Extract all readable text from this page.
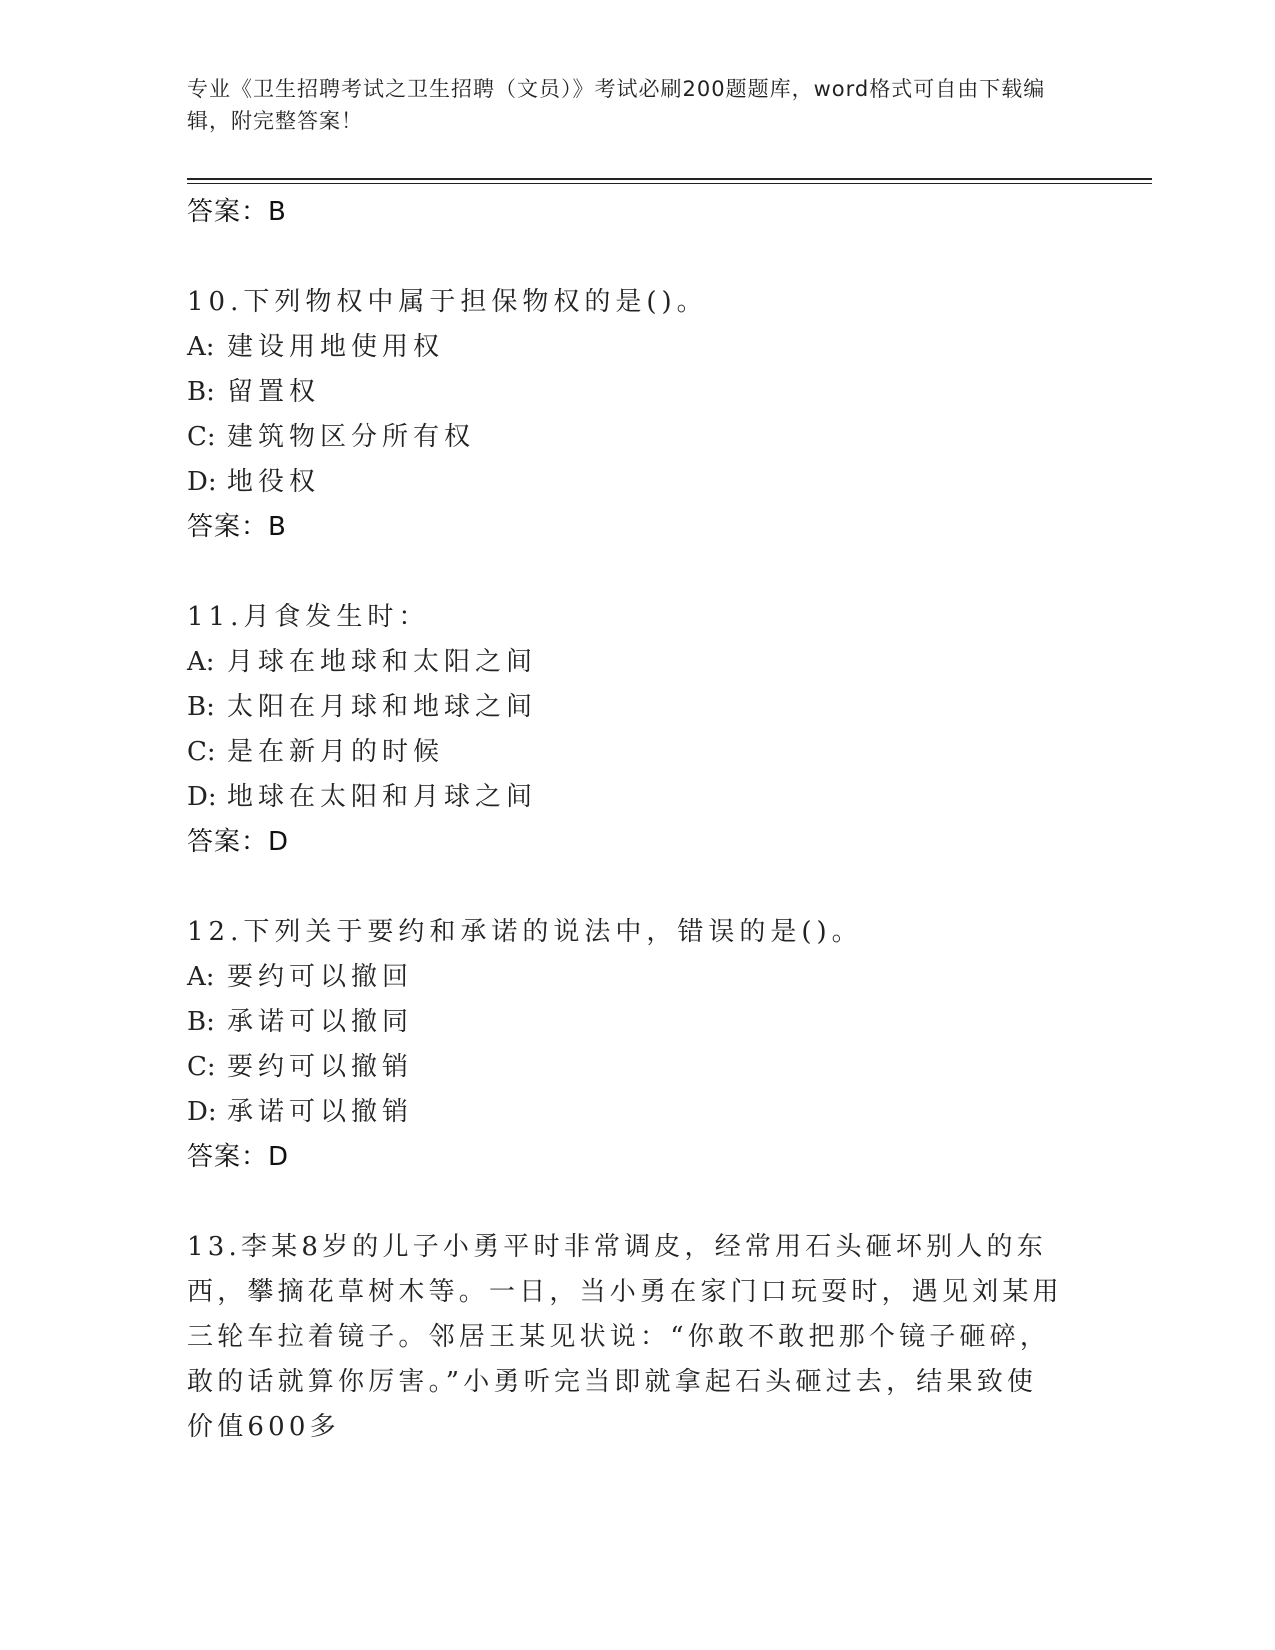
专业《卫生招聘考试之卫生招聘（文员）》考试必刷200题题库，word格式可自由下载编辑，附完整答案！
答案：B
10.下列物权中属于担保物权的是()。
A: 建设用地使用权
B: 留置权
C: 建筑物区分所有权
D: 地役权
答案：B
11.月食发生时：
A: 月球在地球和太阳之间
B: 太阳在月球和地球之间
C: 是在新月的时候
D: 地球在太阳和月球之间
答案：D
12.下列关于要约和承诺的说法中，错误的是()。
A: 要约可以撤回
B: 承诺可以撤同
C: 要约可以撤销
D: 承诺可以撤销
答案：D
13.李某8岁的儿子小勇平时非常调皮，经常用石头砸坏别人的东西，攀摘花草树木等。一日，当小勇在家门口玩耍时，遇见刘某用三轮车拉着镜子。邻居王某见状说：“你敢不敢把那个镜子砸碎，敢的话就算你厉害。”小勇听完当即就拿起石头砸过去，结果致使价值600多
